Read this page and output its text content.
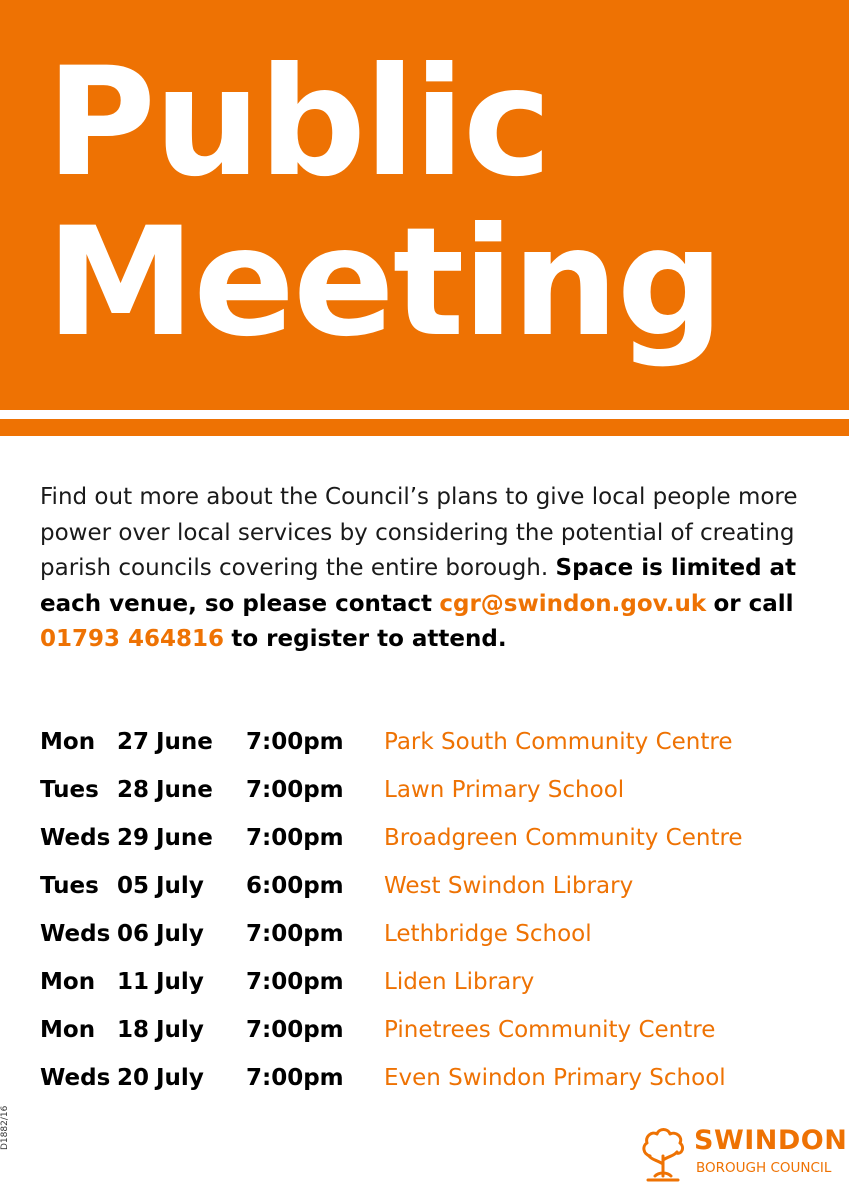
Public
Meeting

Find out more about the Council’s plans to give local people more power over local services by considering the potential of creating parish councils covering the entire borough. Space is limited at each venue, so please contact cgr@swindon.gov.uk or call 01793 464816 to register to attend.

Mon 27 June 7:00pm Park South Community Centre
Tues 28 June 7:00pm Lawn Primary School
Weds 29 June 7:00pm Broadgreen Community Centre
Tues 05 July 6:00pm West Swindon Library
Weds 06 July 7:00pm Lethbridge School
Mon 11 July 7:00pm Liden Library
Mon 18 July 7:00pm Pinetrees Community Centre
Weds 20 July 7:00pm Even Swindon Primary School
D1882/16	SWINDON
BOROUGH COUNCIL
